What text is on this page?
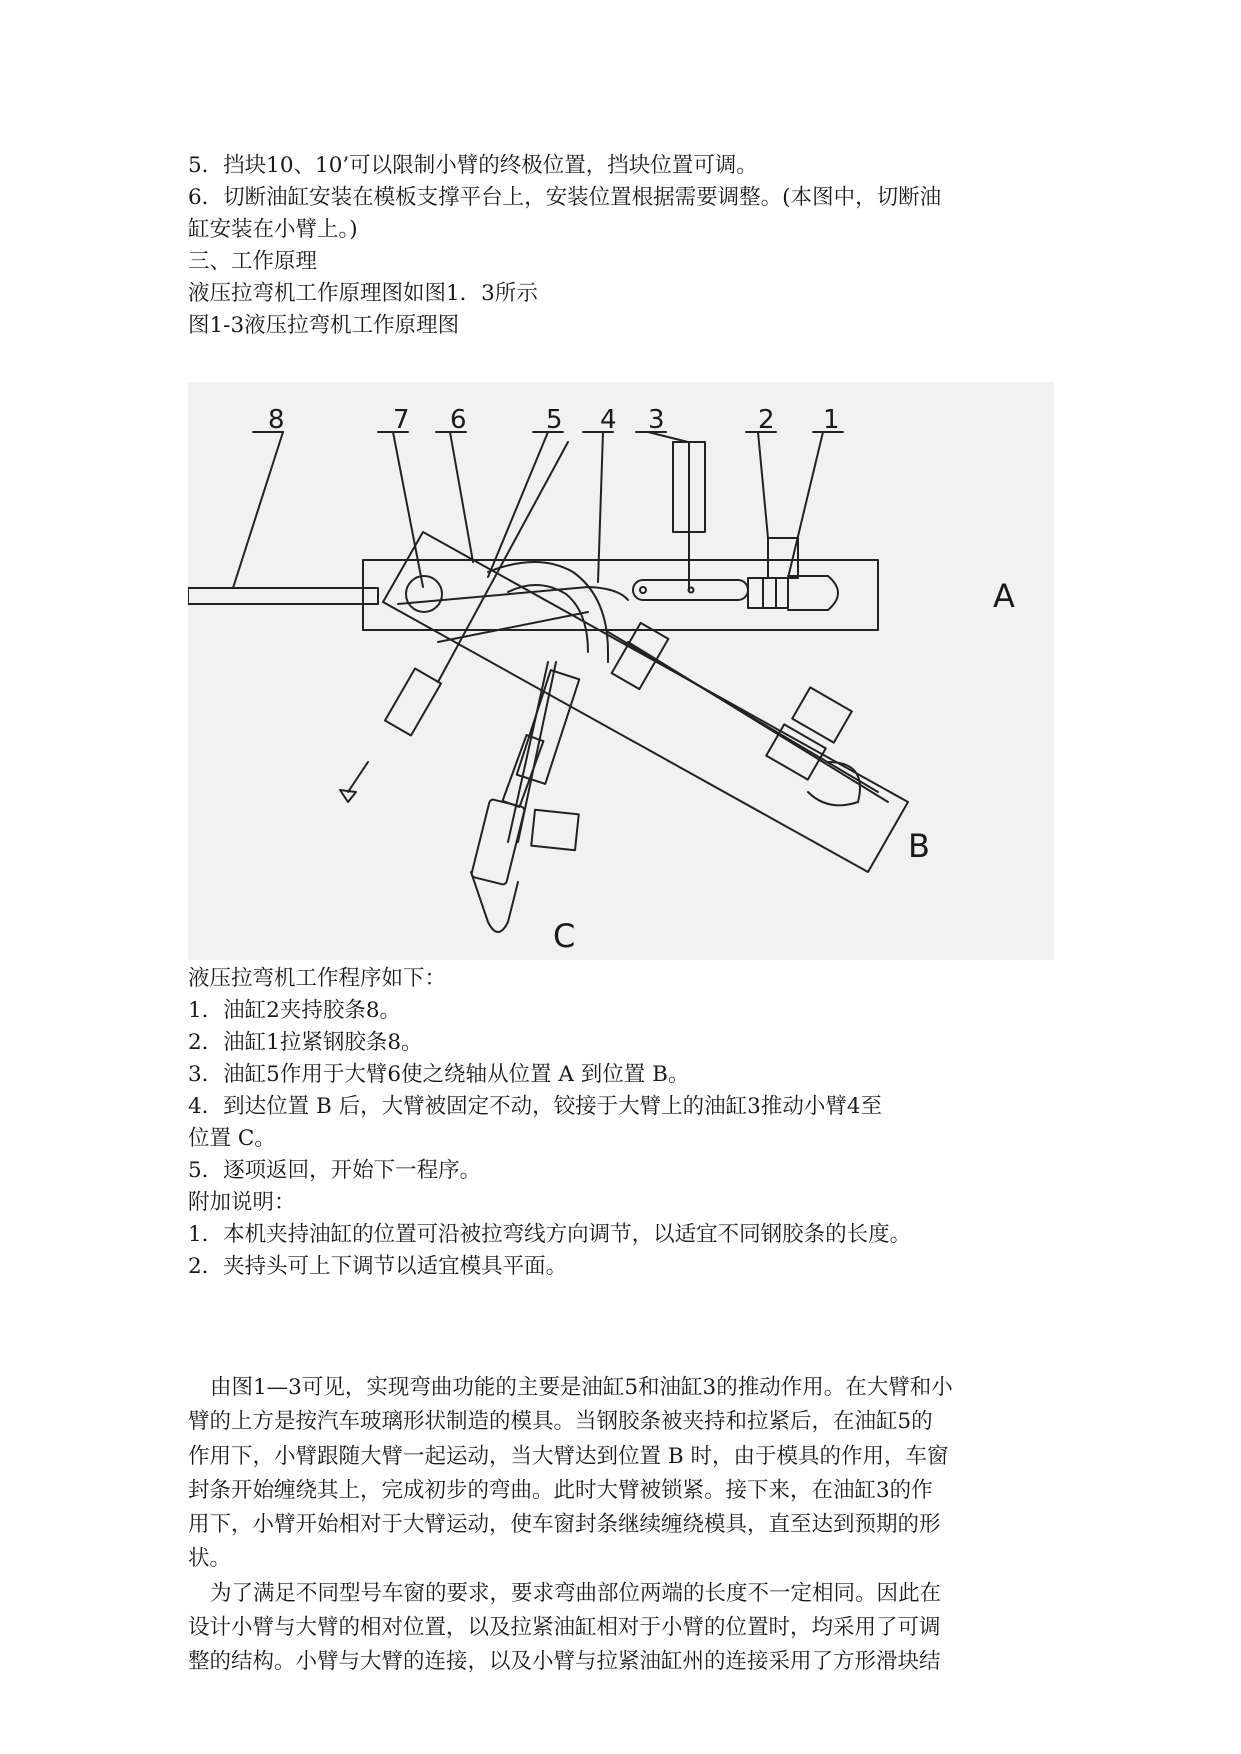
5．挡块10、10’可以限制小臂的终极位置，挡块位置可调。
6．切断油缸安装在模板支撑平台上，安装位置根据需要调整。(本图中，切断油
缸安装在小臂上。)
三、工作原理
液压拉弯机工作原理图如图1．3所示
图1-3液压拉弯机工作原理图
8	7 6	5 4 3	2 1
A
B
C
液压拉弯机工作程序如下：
1．油缸2夹持胶条8。
2．油缸1拉紧钢胶条8。
3．油缸5作用于大臂6使之绕轴从位置 A 到位置 B。
4．到达位置 B 后，大臂被固定不动，铰接于大臂上的油缸3推动小臂4至
位置 C。
5．逐项返回，开始下一程序。
附加说明：
1．本机夹持油缸的位置可沿被拉弯线方向调节，以适宜不同钢胶条的长度。
2．夹持头可上下调节以适宜模具平面。
由图1—3可见，实现弯曲功能的主要是油缸5和油缸3的推动作用。在大臂和小
臂的上方是按汽车玻璃形状制造的模具。当钢胶条被夹持和拉紧后，在油缸5的
作用下，小臂跟随大臂一起运动，当大臂达到位置 B 时，由于模具的作用，车窗
封条开始缠绕其上，完成初步的弯曲。此时大臂被锁紧。接下来，在油缸3的作
用下，小臂开始相对于大臂运动，使车窗封条继续缠绕模具，直至达到预期的形
状。
为了满足不同型号车窗的要求，要求弯曲部位两端的长度不一定相同。因此在
设计小臂与大臂的相对位置，以及拉紧油缸相对于小臂的位置时，均采用了可调
整的结构。小臂与大臂的连接，以及小臂与拉紧油缸州的连接采用了方形滑块结
